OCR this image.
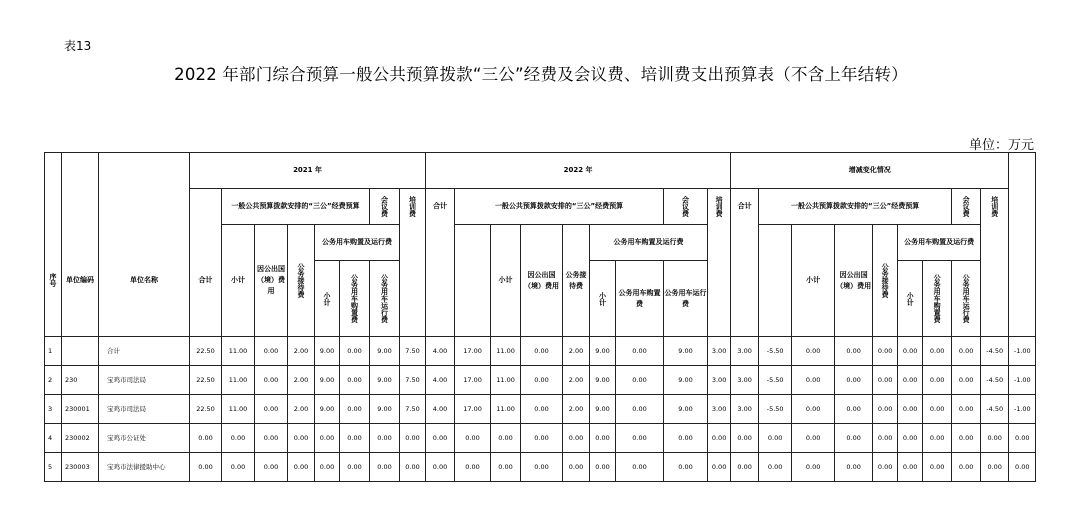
表13
2022 年部门综合预算一般公共预算拨款“三公”经费及会议费、培训费支出预算表（不含上年结转）
单位：万元
			2021 年								2022 年									增减变化情况										
				一般公共预算拨款安排的“三公”经费预算					会议费	培训费	合计	一般公共预算拨款安排的“三公”经费预算						会议费	培训费	合计	一般公共预算拨款安排的“三公”经费预算						会议费	培训费		
序号	单位编码	单位名称	合计	小计	因公出国（境）费用	公务接待费	公务用车购置及运行费						小计	因公出国（境）费用	公务接待费	公务用车购置及运行费						小计	因公出国（境）费用	公务接待费	公务用车购置及运行费					
							小计	公务用车购置费	公务用车运行费							小计	公务用车购置费	公务用车运行费							小计	公务用车购置费	公务用车运行费			
1		合计	22.50	11.00	0.00	2.00	9.00	0.00	9.00	7.50	4.00	17.00	11.00	0.00	2.00	9.00	0.00	9.00	3.00	3.00	-5.50	0.00	0.00	0.00	0.00	0.00	0.00	-4.50	-1.00	
2	230	宝鸡市司法局	22.50	11.00	0.00	2.00	9.00	0.00	9.00	7.50	4.00	17.00	11.00	0.00	2.00	9.00	0.00	9.00	3.00	3.00	-5.50	0.00	0.00	0.00	0.00	0.00	0.00	-4.50	-1.00	
3	230001	宝鸡市司法局	22.50	11.00	0.00	2.00	9.00	0.00	9.00	7.50	4.00	17.00	11.00	0.00	2.00	9.00	0.00	9.00	3.00	3.00	-5.50	0.00	0.00	0.00	0.00	0.00	0.00	-4.50	-1.00	
4	230002	宝鸡市公证处	0.00	0.00	0.00	0.00	0.00	0.00	0.00	0.00	0.00	0.00	0.00	0.00	0.00	0.00	0.00	0.00	0.00	0.00	0.00	0.00	0.00	0.00	0.00	0.00	0.00	0.00	0.00	
5	230003	宝鸡市法律援助中心	0.00	0.00	0.00	0.00	0.00	0.00	0.00	0.00	0.00	0.00	0.00	0.00	0.00	0.00	0.00	0.00	0.00	0.00	0.00	0.00	0.00	0.00	0.00	0.00	0.00	0.00	0.00	
